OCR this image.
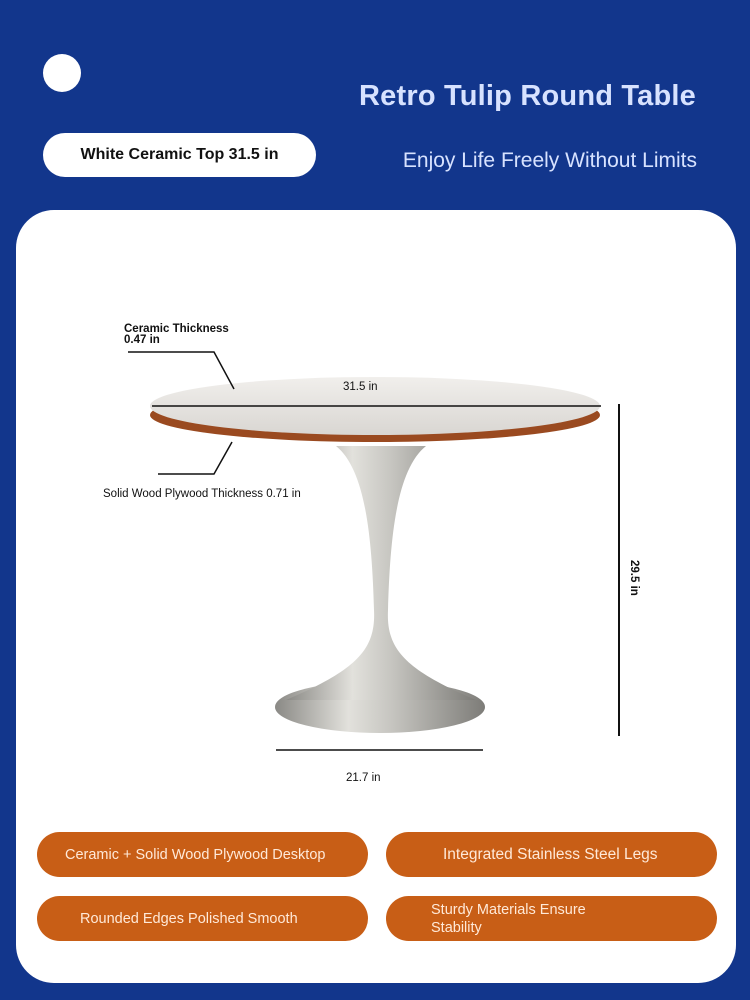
Retro Tulip Round Table
White Ceramic Top 31.5 in	Enjoy Life Freely Without Limits
Ceramic Thickness
0.47 in
31.5 in
Solid Wood Plywood Thickness 0.71 in
29.5 in
21.7 in
Ceramic + Solid Wood Plywood Desktop	Integrated Stainless Steel Legs
Rounded Edges Polished Smooth
Sturdy Materials Ensure Stability
